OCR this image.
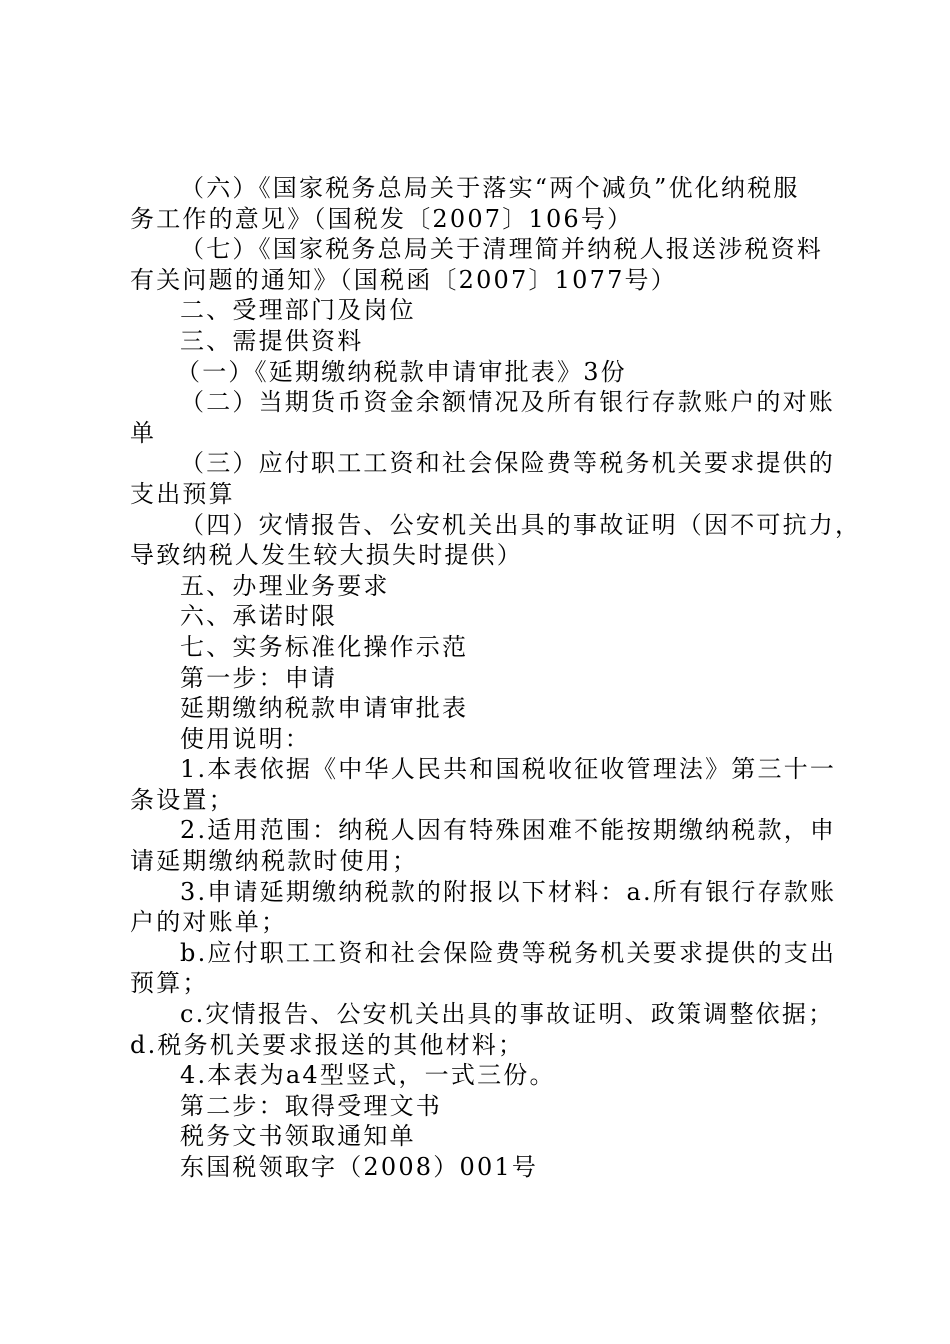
（六）《国家税务总局关于落实“两个减负”优化纳税服
务工作的意见》（国税发〔2007〕106号）
（七）《国家税务总局关于清理简并纳税人报送涉税资料
有关问题的通知》（国税函〔2007〕1077号）
二、受理部门及岗位
三、需提供资料
（一）《延期缴纳税款申请审批表》3份
（二）当期货币资金余额情况及所有银行存款账户的对账
单
（三）应付职工工资和社会保险费等税务机关要求提供的
支出预算
（四）灾情报告、公安机关出具的事故证明（因不可抗力，
导致纳税人发生较大损失时提供）
五、办理业务要求
六、承诺时限
七、实务标准化操作示范
第一步：申请
延期缴纳税款申请审批表
使用说明：
1.本表依据《中华人民共和国税收征收管理法》第三十一
条设置；
2.适用范围：纳税人因有特殊困难不能按期缴纳税款，申
请延期缴纳税款时使用；
3.申请延期缴纳税款的附报以下材料：a.所有银行存款账
户的对账单；
b.应付职工工资和社会保险费等税务机关要求提供的支出
预算；
c.灾情报告、公安机关出具的事故证明、政策调整依据；
d.税务机关要求报送的其他材料；
4.本表为a4型竖式，一式三份。
第二步：取得受理文书
税务文书领取通知单
东国税领取字（2008）001号
